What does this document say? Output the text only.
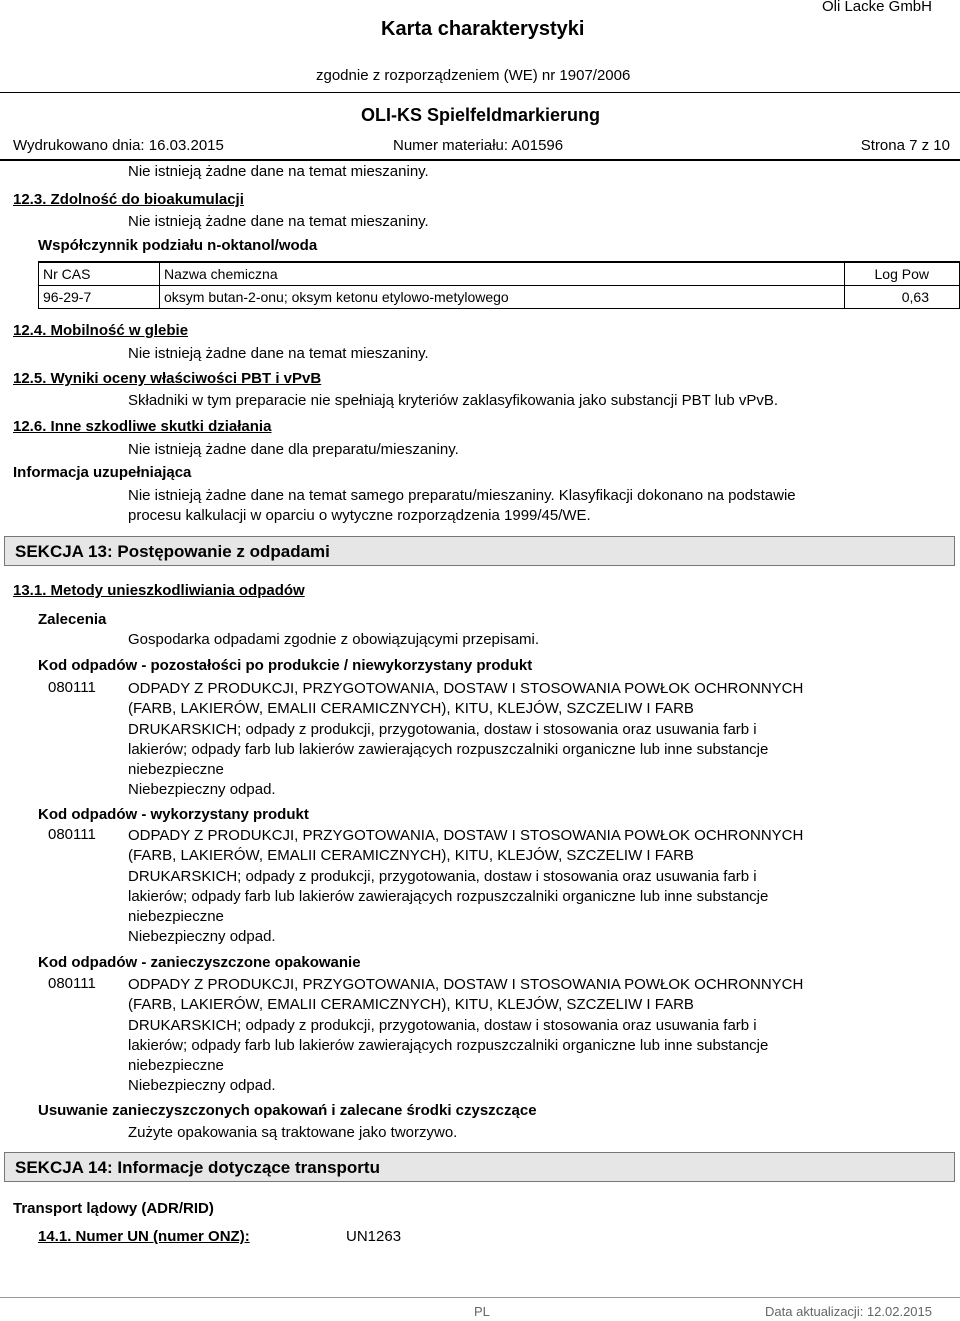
Karta charakterystyki
Oli Lacke GmbH
zgodnie z rozporządzeniem (WE) nr 1907/2006
OLI-KS Spielfeldmarkierung
Wydrukowano dnia: 16.03.2015	Numer materiału: A01596	Strona 7 z 10
Nie istnieją żadne dane na temat mieszaniny.
12.3. Zdolność do bioakumulacji
Nie istnieją żadne dane na temat mieszaniny.
Współczynnik podziału n-oktanol/woda
Nr CAS	Nazwa chemiczna	Log Pow
96-29-7	oksym butan-2-onu; oksym ketonu etylowo-metylowego	0,63
12.4. Mobilność w glebie
Nie istnieją żadne dane na temat mieszaniny.
12.5. Wyniki oceny właściwości PBT i vPvB
Składniki w tym preparacie nie spełniają kryteriów zaklasyfikowania jako substancji PBT lub vPvB.
12.6. Inne szkodliwe skutki działania
Nie istnieją żadne dane dla preparatu/mieszaniny.
Informacja uzupełniająca
Nie istnieją żadne dane na temat samego preparatu/mieszaniny. Klasyfikacji dokonano na podstawie
procesu kalkulacji w oparciu o wytyczne rozporządzenia 1999/45/WE.
SEKCJA 13: Postępowanie z odpadami
13.1. Metody unieszkodliwiania odpadów
Zalecenia
Gospodarka odpadami zgodnie z obowiązującymi przepisami.
Kod odpadów - pozostałości po produkcie / niewykorzystany produkt
080111 ODPADY Z PRODUKCJI, PRZYGOTOWANIA, DOSTAW I STOSOWANIA POWŁOK OCHRONNYCH
(FARB, LAKIERÓW, EMALII CERAMICZNYCH), KITU, KLEJÓW, SZCZELIW I FARB
DRUKARSKICH; odpady z produkcji, przygotowania, dostaw i stosowania oraz usuwania farb i
lakierów; odpady farb lub lakierów zawierających rozpuszczalniki organiczne lub inne substancje
niebezpieczne
Niebezpieczny odpad.
Kod odpadów - wykorzystany produkt
080111 ODPADY Z PRODUKCJI, PRZYGOTOWANIA, DOSTAW I STOSOWANIA POWŁOK OCHRONNYCH
(FARB, LAKIERÓW, EMALII CERAMICZNYCH), KITU, KLEJÓW, SZCZELIW I FARB
DRUKARSKICH; odpady z produkcji, przygotowania, dostaw i stosowania oraz usuwania farb i
lakierów; odpady farb lub lakierów zawierających rozpuszczalniki organiczne lub inne substancje
niebezpieczne
Niebezpieczny odpad.
Kod odpadów - zanieczyszczone opakowanie
080111 ODPADY Z PRODUKCJI, PRZYGOTOWANIA, DOSTAW I STOSOWANIA POWŁOK OCHRONNYCH
(FARB, LAKIERÓW, EMALII CERAMICZNYCH), KITU, KLEJÓW, SZCZELIW I FARB
DRUKARSKICH; odpady z produkcji, przygotowania, dostaw i stosowania oraz usuwania farb i
lakierów; odpady farb lub lakierów zawierających rozpuszczalniki organiczne lub inne substancje
niebezpieczne
Niebezpieczny odpad.
Usuwanie zanieczyszczonych opakowań i zalecane środki czyszczące
Zużyte opakowania są traktowane jako tworzywo.
SEKCJA 14: Informacje dotyczące transportu
Transport lądowy (ADR/RID)
14.1. Numer UN (numer ONZ):	UN1263
PL	Data aktualizacji: 12.02.2015
